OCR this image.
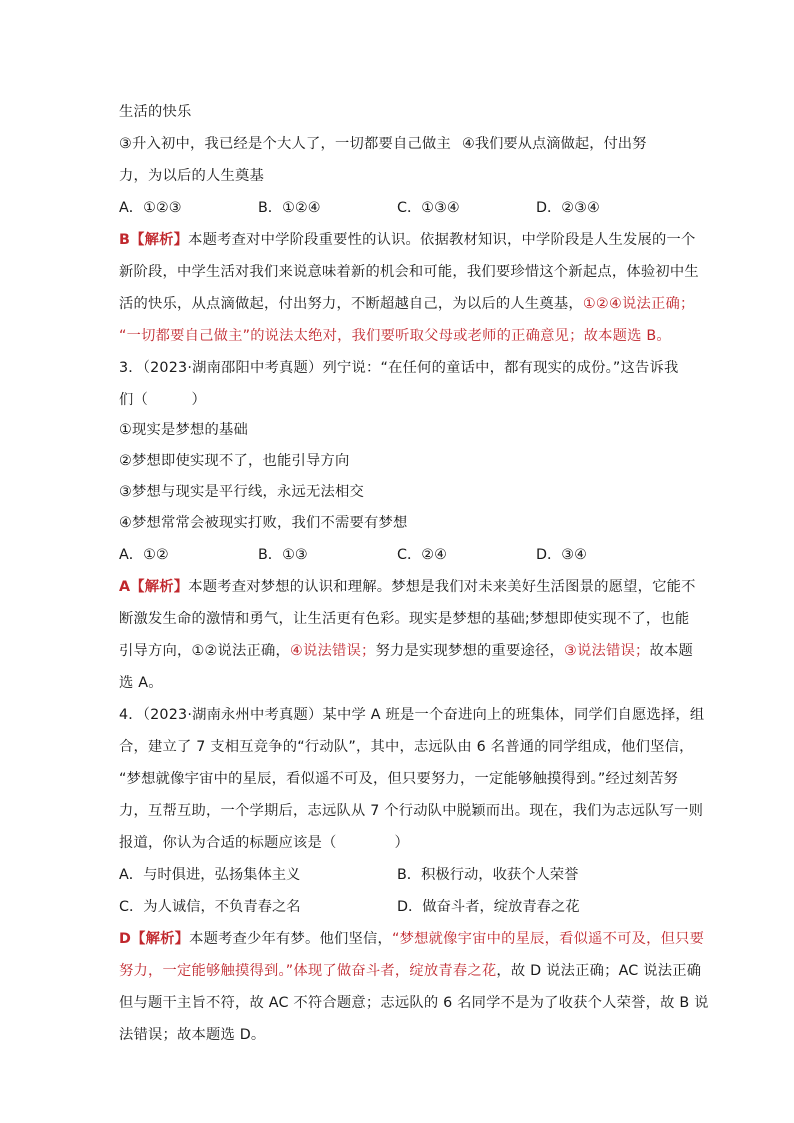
生活的快乐
③升入初中，我已经是个大人了，一切都要自己做主 ④我们要从点滴做起，付出努
力，为以后的人生奠基
A．①②③	B．①②④	C．①③④	D．②③④
B【解析】本题考查对中学阶段重要性的认识。依据教材知识，中学阶段是人生发展的一个
新阶段，中学生活对我们来说意味着新的机会和可能，我们要珍惜这个新起点，体验初中生
活的快乐，从点滴做起，付出努力，不断超越自己，为以后的人生奠基，①②④说法正确；
“一切都要自己做主”的说法太绝对，我们要听取父母或老师的正确意见；故本题选 B。
3．（2023·湖南邵阳中考真题）列宁说：“在任何的童话中，都有现实的成份。”这告诉我
们（　　　）
①现实是梦想的基础
②梦想即使实现不了，也能引导方向
③梦想与现实是平行线，永远无法相交
④梦想常常会被现实打败，我们不需要有梦想
A．①②	B．①③	C．②④	D．③④
A【解析】本题考查对梦想的认识和理解。梦想是我们对未来美好生活图景的愿望，它能不
断激发生命的激情和勇气，让生活更有色彩。现实是梦想的基础;梦想即使实现不了，也能
引导方向，①②说法正确，④说法错误；努力是实现梦想的重要途径，③说法错误；故本题
选 A。
4．（2023·湖南永州中考真题）某中学 A 班是一个奋进向上的班集体，同学们自愿选择，组
合，建立了 7 支相互竞争的“行动队”，其中，志远队由 6 名普通的同学组成，他们坚信，
“梦想就像宇宙中的星辰，看似遥不可及，但只要努力，一定能够触摸得到。”经过刻苦努
力，互帮互助，一个学期后，志远队从 7 个行动队中脱颖而出。现在，我们为志远队写一则
报道，你认为合适的标题应该是（　　　　）
A．与时俱进，弘扬集体主义	B．积极行动，收获个人荣誉
C．为人诚信，不负青春之名	D．做奋斗者，绽放青春之花
D【解析】本题考查少年有梦。他们坚信，“梦想就像宇宙中的星辰，看似遥不可及，但只要
努力，一定能够触摸得到。”体现了做奋斗者，绽放青春之花，故 D 说法正确；AC 说法正确
但与题干主旨不符，故 AC 不符合题意；志远队的 6 名同学不是为了收获个人荣誉，故 B 说
法错误；故本题选 D。
